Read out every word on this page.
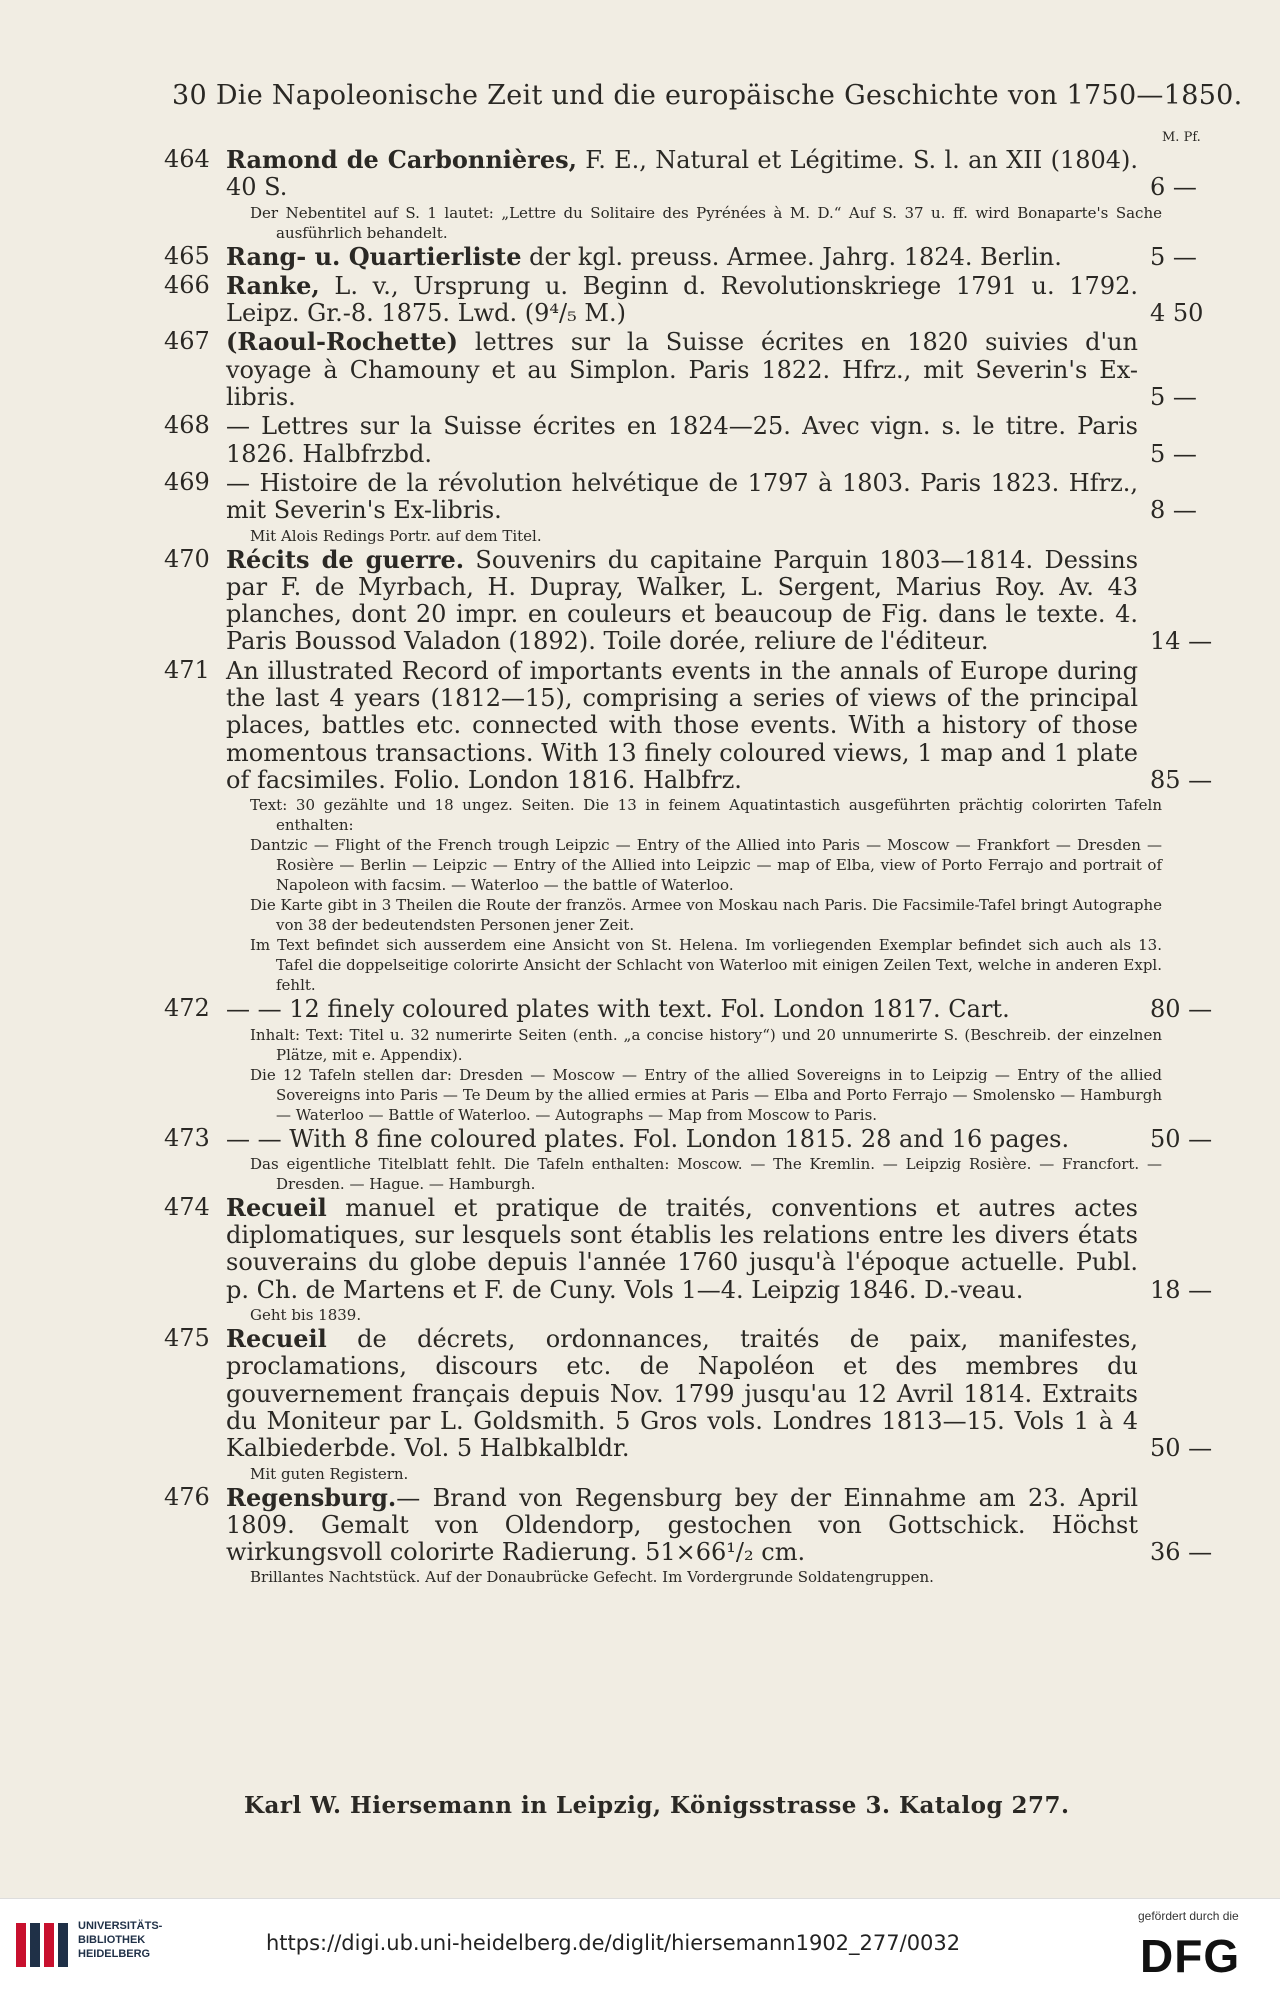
30 Die Napoleonische Zeit und die europäische Geschichte von 1750—1850.
M. Pf.
464 Ramond de Carbonnières, F. E., Natural et Légitime. S. l. an XII (1804). 40 S.	6 —
Der Nebentitel auf S. 1 lautet: „Lettre du Solitaire des Pyrénées à M. D.“ Auf S. 37 u. ff. wird Bonaparte's Sache ausführlich behandelt.
465 Rang- u. Quartierliste der kgl. preuss. Armee. Jahrg. 1824. Berlin.	5 —
466 Ranke, L. v., Ursprung u. Beginn d. Revolutionskriege 1791 u. 1792. Leipz. Gr.-8. 1875. Lwd. (9⁴/₅ M.)	4 50
467 (Raoul-Rochette) lettres sur la Suisse écrites en 1820 suivies d'un voyage à Chamouny et au Simplon. Paris 1822. Hfrz., mit Severin's Ex-libris.	5 —
468 — Lettres sur la Suisse écrites en 1824—25. Avec vign. s. le titre. Paris 1826. Halbfrzbd.	5 —
469 — Histoire de la révolution helvétique de 1797 à 1803. Paris 1823. Hfrz., mit Severin's Ex-libris.	8 —
Mit Alois Redings Portr. auf dem Titel.
470 Récits de guerre. Souvenirs du capitaine Parquin 1803—1814. Dessins par F. de Myrbach, H. Dupray, Walker, L. Sergent, Marius Roy. Av. 43 planches, dont 20 impr. en couleurs et beaucoup de Fig. dans le texte. 4. Paris Boussod Valadon (1892). Toile dorée, reliure de l'éditeur.	14 —
471 An illustrated Record of importants events in the annals of Europe during the last 4 years (1812—15), comprising a series of views of the principal places, battles etc. connected with those events. With a history of those momentous transactions. With 13 finely coloured views, 1 map and 1 plate of facsimiles. Folio. London 1816. Halbfrz.	85 —
Text: 30 gezählte und 18 ungez. Seiten. Die 13 in feinem Aquatintastich ausgeführten prächtig colorirten Tafeln enthalten:
Dantzic — Flight of the French trough Leipzic — Entry of the Allied into Paris — Moscow — Frankfort — Dresden — Rosière — Berlin — Leipzic — Entry of the Allied into Leipzic — map of Elba, view of Porto Ferrajo and portrait of Napoleon with facsim. — Waterloo — the battle of Waterloo.
Die Karte gibt in 3 Theilen die Route der französ. Armee von Moskau nach Paris. Die Facsimile-Tafel bringt Autographe von 38 der bedeutendsten Personen jener Zeit.
Im Text befindet sich ausserdem eine Ansicht von St. Helena. Im vorliegenden Exemplar befindet sich auch als 13. Tafel die doppelseitige colorirte Ansicht der Schlacht von Waterloo mit einigen Zeilen Text, welche in anderen Expl. fehlt.
472 — — 12 finely coloured plates with text. Fol. London 1817. Cart.	80 —
Inhalt: Text: Titel u. 32 numerirte Seiten (enth. „a concise history“) und 20 unnumerirte S. (Beschreib. der einzelnen Plätze, mit e. Appendix).
Die 12 Tafeln stellen dar: Dresden — Moscow — Entry of the allied Sovereigns in to Leipzig — Entry of the allied Sovereigns into Paris — Te Deum by the allied ermies at Paris — Elba and Porto Ferrajo — Smolensko — Hamburgh — Waterloo — Battle of Waterloo. — Autographs — Map from Moscow to Paris.
473 — — With 8 fine coloured plates. Fol. London 1815. 28 and 16 pages.	50 —
Das eigentliche Titelblatt fehlt. Die Tafeln enthalten: Moscow. — The Kremlin. — Leipzig Rosière. — Francfort. — Dresden. — Hague. — Hamburgh.
474 Recueil manuel et pratique de traités, conventions et autres actes diplomatiques, sur lesquels sont établis les relations entre les divers états souverains du globe depuis l'année 1760 jusqu'à l'époque actuelle. Publ. p. Ch. de Martens et F. de Cuny. Vols 1—4. Leipzig 1846. D.-veau.	18 —
Geht bis 1839.
475 Recueil de décrets, ordonnances, traités de paix, manifestes, proclamations, discours etc. de Napoléon et des membres du gouvernement français depuis Nov. 1799 jusqu'au 12 Avril 1814. Extraits du Moniteur par L. Goldsmith. 5 Gros vols. Londres 1813—15. Vols 1 à 4 Kalbiederbde. Vol. 5 Halbkalbldr.	50 —
Mit guten Registern.
476 Regensburg.— Brand von Regensburg bey der Einnahme am 23. April 1809. Gemalt von Oldendorp, gestochen von Gottschick. Höchst wirkungsvoll colorirte Radierung. 51×66¹/₂ cm.	36 —
Brillantes Nachtstück. Auf der Donaubrücke Gefecht. Im Vordergrunde Soldatengruppen.
Karl W. Hiersemann in Leipzig, Königsstrasse 3. Katalog 277.
UNIVERSITÄTS-
BIBLIOTHEK
HEIDELBERG	https://digi.ub.uni-heidelberg.de/diglit/hiersemann1902_277/0032
gefördert durch die
DFG
